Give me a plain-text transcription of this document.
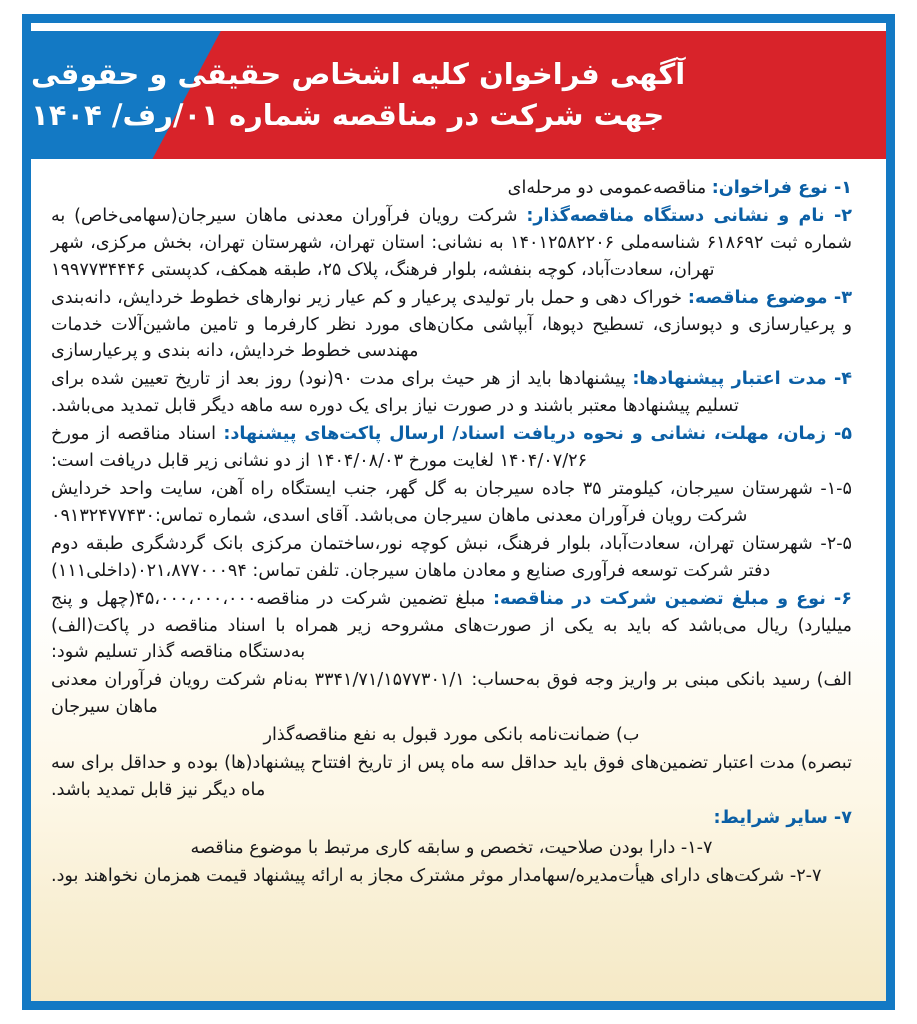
آگهی فراخوان کلیه اشخاص حقیقی و حقوقی
جهت شرکت در مناقصه شماره ۰۱/رف/ ۱۴۰۴

۱- نوع فراخوان: مناقصه‌عمومی دو مرحله‌ای

۲- نام و نشانی دستگاه مناقصه‌گذار: شرکت رویان فرآوران معدنی ماهان سیرجان(سهامی‌خاص) به شماره ثبت ۶۱۸۶۹۲ شناسه‌ملی ۱۴۰۱۲۵۸۲۲۰۶ به نشانی: استان تهران، شهرستان تهران، بخش مرکزی، شهر تهران، سعادت‌آباد، کوچه بنفشه، بلوار فرهنگ، پلاک ۲۵، طبقه همکف، کدپستی ۱۹۹۷۷۳۴۴۴۶

۳- موضوع مناقصه: خوراک دهی و حمل بار تولیدی پرعیار و کم عیار زیر نوارهای خطوط خردایش، دانه‌بندی و پرعیارسازی و دپوسازی، تسطیح دپوها، آبپاشی مکان‌های مورد نظر کارفرما و تامین ماشین‌آلات خدمات مهندسی خطوط خردایش، دانه بندی و پرعیارسازی

۴- مدت اعتبار پیشنهادها: پیشنهادها باید از هر حیث برای مدت ۹۰(نود) روز بعد از تاریخ تعیین شده برای تسلیم پیشنهادها معتبر باشند و در صورت نیاز برای یک دوره سه ماهه دیگر قابل تمدید می‌باشد.

۵- زمان، مهلت، نشانی و نحوه دریافت اسناد/ ارسال پاکت‌های پیشنهاد: اسناد مناقصه از مورخ ۱۴۰۴/۰۷/۲۶ لغایت مورخ ۱۴۰۴/۰۸/۰۳ از دو نشانی زیر قابل دریافت است:

۱-۵- شهرستان سیرجان، کیلومتر ۳۵ جاده سیرجان به گل گهر، جنب ایستگاه راه آهن، سایت واحد خردایش شرکت رویان فرآوران معدنی ماهان سیرجان می‌باشد. آقای اسدی، شماره تماس:۰۹۱۳۲۴۷۷۴۳۰

۲-۵- شهرستان تهران، سعادت‌آباد، بلوار فرهنگ، نبش کوچه نور،ساختمان مرکزی بانک گردشگری طبقه دوم دفتر شرکت توسعه فرآوری صنایع و معادن ماهان سیرجان. تلفن تماس: ۰۲۱،۸۷۷۰۰۰۹۴(داخلی۱۱۱)

۶- نوع و مبلغ تضمین شرکت در مناقصه: مبلغ تضمین شرکت در مناقصه۴۵،۰۰۰،۰۰۰،۰۰۰(چهل و پنج میلیارد) ریال می‌باشد که باید به یکی از صورت‌های مشروحه زیر همراه با اسناد مناقصه در پاکت(الف) به‌دستگاه مناقصه گذار تسلیم شود:

الف) رسید بانکی مبنی بر واریز وجه فوق به‌حساب: ۳۳۴۱/۷۱/۱۵۷۷۳۰۱/۱ به‌نام شرکت رویان فرآوران معدنی ماهان سیرجان

ب) ضمانت‌نامه بانکی مورد قبول به نفع مناقصه‌گذار

تبصره) مدت اعتبار تضمین‌های فوق باید حداقل سه ماه پس از تاریخ افتتاح پیشنهاد(ها) بوده و حداقل برای سه ماه دیگر نیز قابل تمدید باشد.

۷- سایر شرایط:

۱-۷- دارا بودن صلاحیت، تخصص و سابقه کاری مرتبط با موضوع مناقصه

۲-۷- شرکت‌های دارای هیأت‌مدیره/سهامدار موثر مشترک مجاز به ارائه پیشنهاد قیمت همزمان نخواهند بود.
